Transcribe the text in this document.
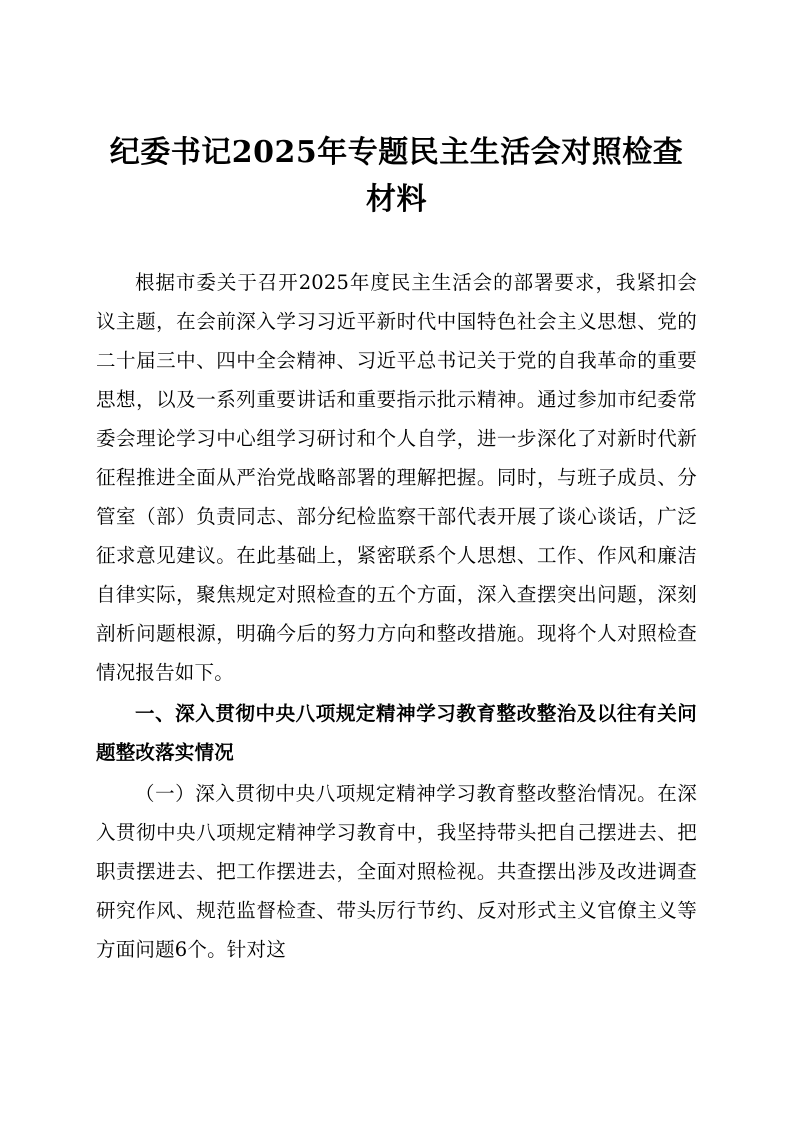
纪委书记2025年专题民主生活会对照检查材料

根据市委关于召开2025年度民主生活会的部署要求，我紧扣会议主题，在会前深入学习习近平新时代中国特色社会主义思想、党的二十届三中、四中全会精神、习近平总书记关于党的自我革命的重要思想，以及一系列重要讲话和重要指示批示精神。通过参加市纪委常委会理论学习中心组学习研讨和个人自学，进一步深化了对新时代新征程推进全面从严治党战略部署的理解把握。同时，与班子成员、分管室（部）负责同志、部分纪检监察干部代表开展了谈心谈话，广泛征求意见建议。在此基础上，紧密联系个人思想、工作、作风和廉洁自律实际，聚焦规定对照检查的五个方面，深入查摆突出问题，深刻剖析问题根源，明确今后的努力方向和整改措施。现将个人对照检查情况报告如下。

一、深入贯彻中央八项规定精神学习教育整改整治及以往有关问题整改落实情况

（一）深入贯彻中央八项规定精神学习教育整改整治情况。在深入贯彻中央八项规定精神学习教育中，我坚持带头把自己摆进去、把职责摆进去、把工作摆进去，全面对照检视。共查摆出涉及改进调查研究作风、规范监督检查、带头厉行节约、反对形式主义官僚主义等方面问题6个。针对这
